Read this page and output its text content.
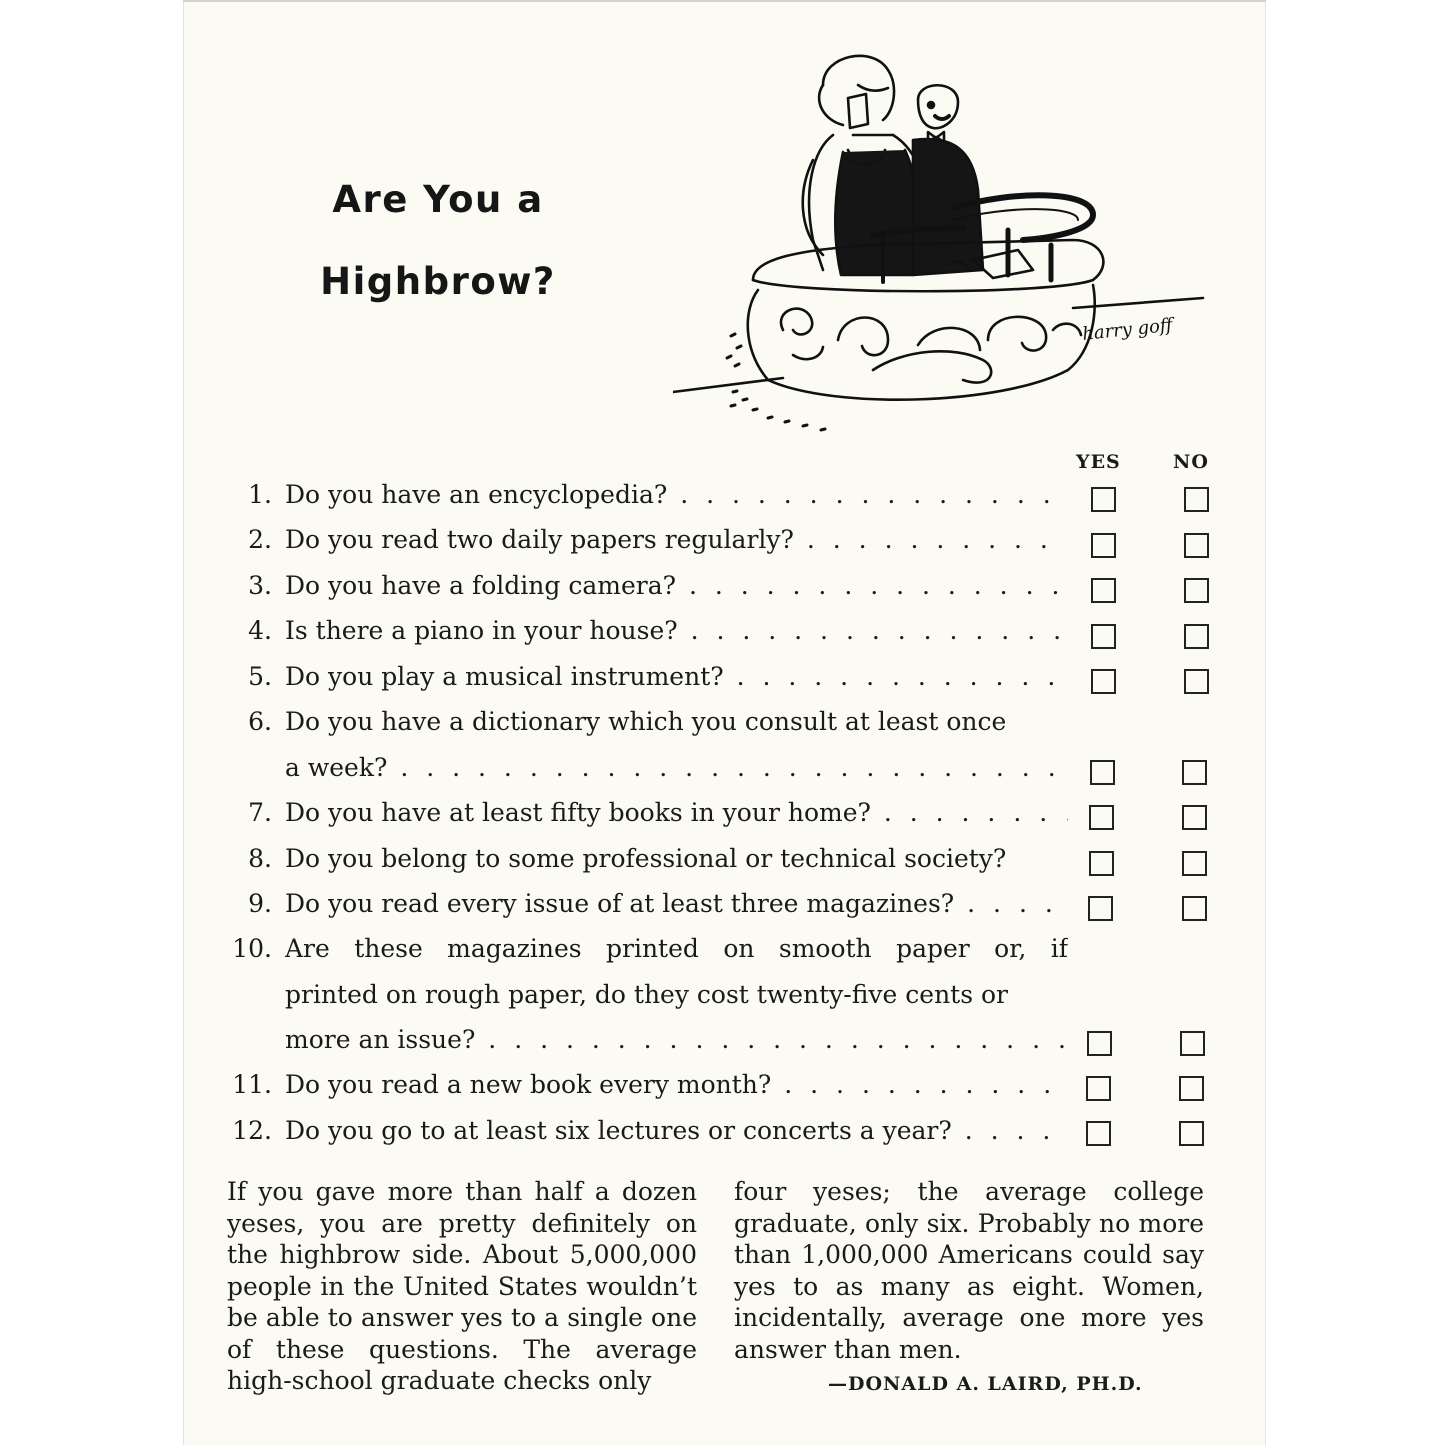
Are You a
Highbrow?
harry goff
YES	NO
1. Do you have an encyclopedia? . . .
2. Do you read two daily papers regularly? . . .
3. Do you have a folding camera? . . .
4. Is there a piano in your house? . . .
5. Do you play a musical instrument? . . .
6. Do you have a dictionary which you consult at least once
a week? . . .
7. Do you have at least fifty books in your home? . . .
8. Do you belong to some professional or technical society?
9. Do you read every issue of at least three magazines? . . .
10. Are these magazines printed on smooth paper or, if
printed on rough paper, do they cost twenty-five cents or
more an issue? . . .
11. Do you read a new book every month? . . .
12. Do you go to at least six lectures or concerts a year? . . .
If you gave more than half a dozen yeses, you are pretty definitely on the highbrow side. About 5,000,000 people in the United States wouldn’t be able to answer yes to a single one of these questions. The average high-school graduate checks only
four yeses; the average college graduate, only six. Probably no more than 1,000,000 Americans could say yes to as many as eight. Women, incidentally, average one more yes answer than men.
—DONALD A. LAIRD, PH.D.
